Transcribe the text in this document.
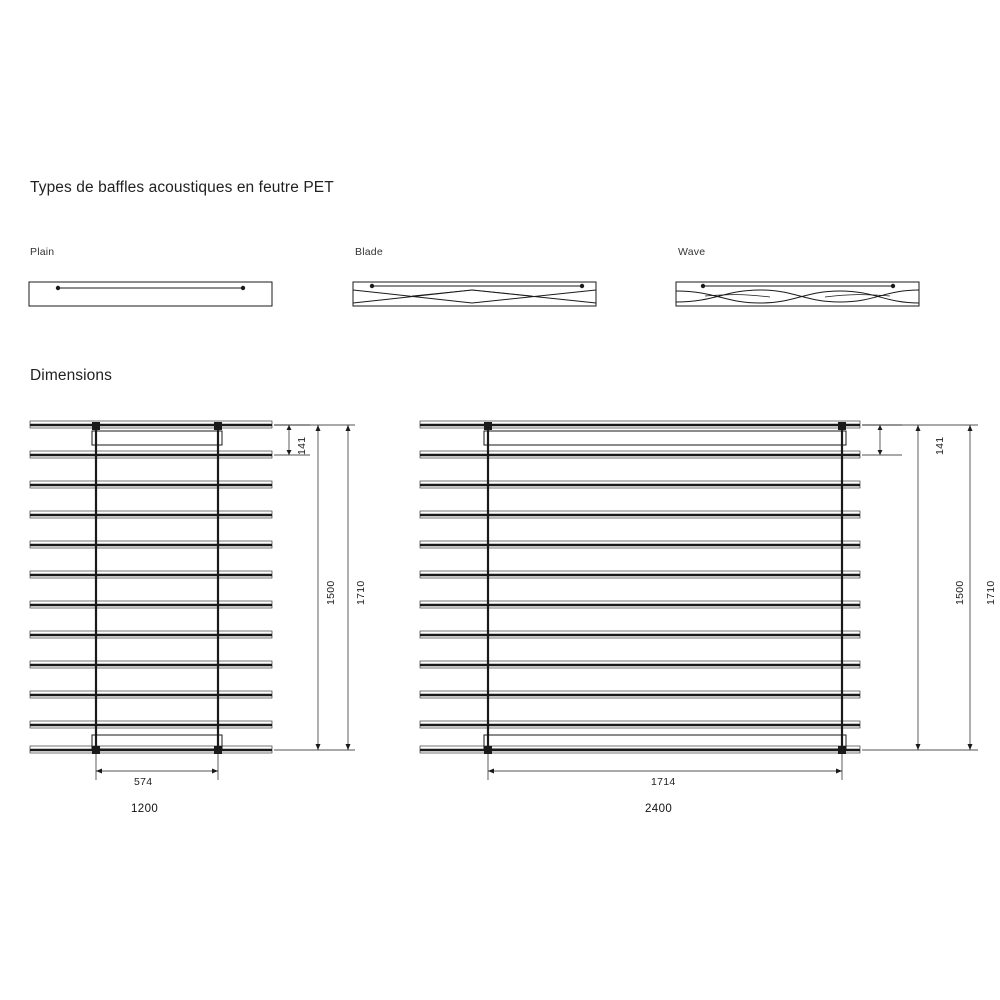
Types de baffles acoustiques en feutre PET
Plain	Blade	Wave
Dimensions
141
1500 1710
574
1200
141
1500 1710
1714
2400
